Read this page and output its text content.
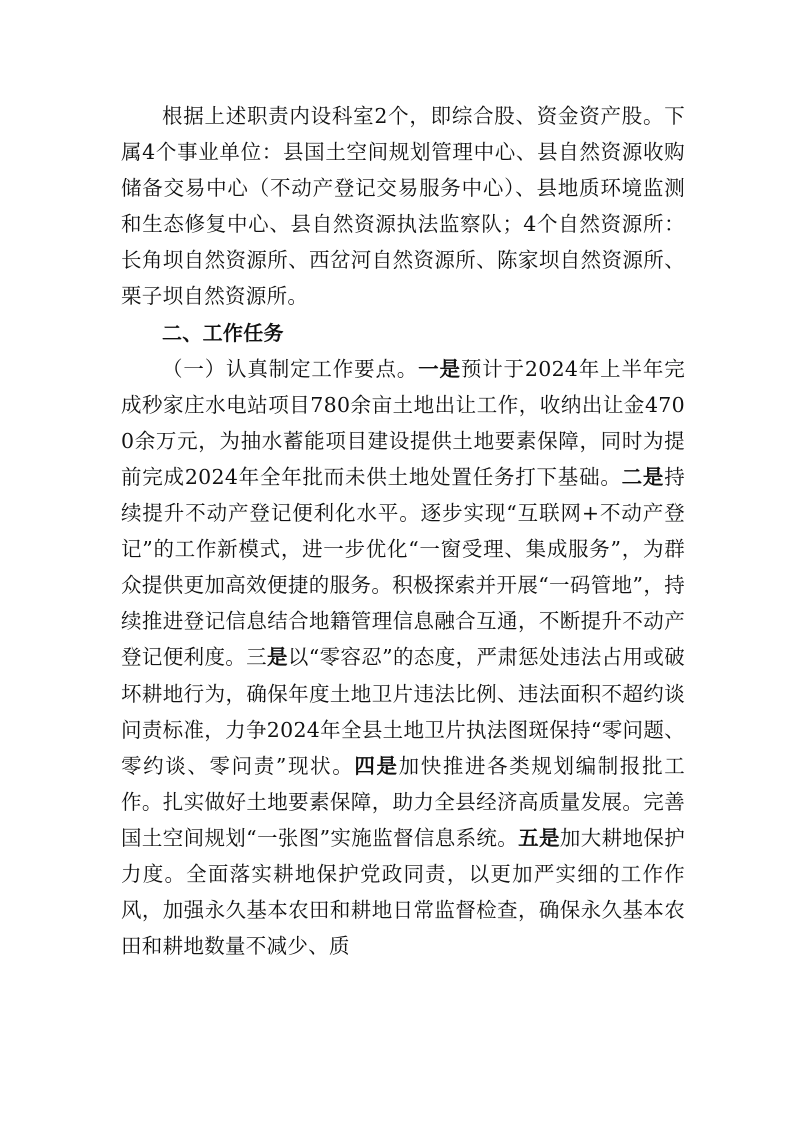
根据上述职责内设科室2个，即综合股、资金资产股。下属4个事业单位：县国土空间规划管理中心、县自然资源收购储备交易中心（不动产登记交易服务中心）、县地质环境监测和生态修复中心、县自然资源执法监察队；4个自然资源所：长角坝自然资源所、西岔河自然资源所、陈家坝自然资源所、栗子坝自然资源所。

二、工作任务

（一）认真制定工作要点。一是预计于2024年上半年完成秒家庄水电站项目780余亩土地出让工作，收纳出让金4700余万元，为抽水蓄能项目建设提供土地要素保障，同时为提前完成2024年全年批而未供土地处置任务打下基础。二是持续提升不动产登记便利化水平。逐步实现“互联网+不动产登记”的工作新模式，进一步优化“一窗受理、集成服务”，为群众提供更加高效便捷的服务。积极探索并开展“一码管地”，持续推进登记信息结合地籍管理信息融合互通，不断提升不动产登记便利度。三是以“零容忍”的态度，严肃惩处违法占用或破坏耕地行为，确保年度土地卫片违法比例、违法面积不超约谈问责标准，力争2024年全县土地卫片执法图斑保持“零问题、零约谈、零问责”现状。四是加快推进各类规划编制报批工作。扎实做好土地要素保障，助力全县经济高质量发展。完善国土空间规划“一张图”实施监督信息系统。五是加大耕地保护力度。全面落实耕地保护党政同责，以更加严实细的工作作风，加强永久基本农田和耕地日常监督检查，确保永久基本农田和耕地数量不减少、质
